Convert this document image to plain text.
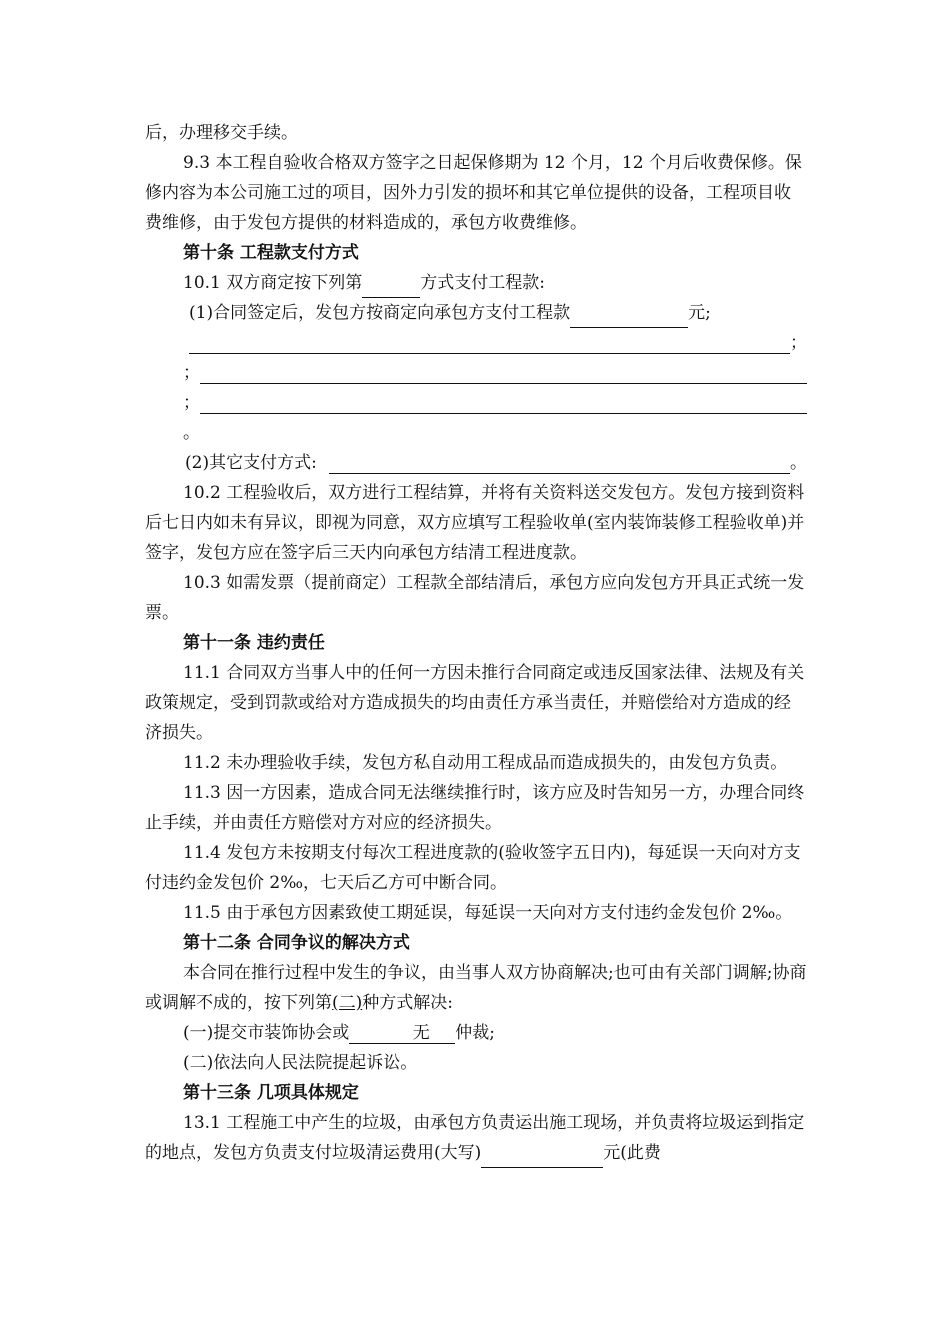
后，办理移交手续。

9.3 本工程自验收合格双方签字之日起保修期为 12 个月，12 个月后收费保修。保修内容为本公司施工过的项目，因外力引发的损坏和其它单位提供的设备，工程项目收费维修，由于发包方提供的材料造成的，承包方收费维修。

第十条 工程款支付方式

10.1 双方商定按下列第	方式支付工程款:

(1)合同签定后，发包方按商定向承包方支付工程款	元;

；
；
；

。

(2)其它支付方式:	。

10.2 工程验收后，双方进行工程结算，并将有关资料送交发包方。发包方接到资料后七日内如未有异议，即视为同意，双方应填写工程验收单(室内装饰装修工程验收单)并签字，发包方应在签字后三天内向承包方结清工程进度款。

10.3 如需发票（提前商定）工程款全部结清后，承包方应向发包方开具正式统一发票。

第十一条 违约责任

11.1 合同双方当事人中的任何一方因未推行合同商定或违反国家法律、法规及有关政策规定，受到罚款或给对方造成损失的均由责任方承当责任，并赔偿给对方造成的经济损失。

11.2 未办理验收手续，发包方私自动用工程成品而造成损失的，由发包方负责。

11.3 因一方因素，造成合同无法继续推行时，该方应及时告知另一方，办理合同终止手续，并由责任方赔偿对方对应的经济损失。

11.4 发包方未按期支付每次工程进度款的(验收签字五日内)，每延误一天向对方支付违约金发包价 2‰，七天后乙方可中断合同。

11.5 由于承包方因素致使工期延误，每延误一天向对方支付违约金发包价 2‰。

第十二条 合同争议的解决方式

本合同在推行过程中发生的争议，由当事人双方协商解决;也可由有关部门调解;协商或调解不成的，按下列第(二)种方式解决:

(一)提交市装饰协会或	无 仲裁;

(二)依法向人民法院提起诉讼。

第十三条 几项具体规定

13.1 工程施工中产生的垃圾，由承包方负责运出施工现场，并负责将垃圾运到指定的地点，发包方负责支付垃圾清运费用(大写)	元(此费
